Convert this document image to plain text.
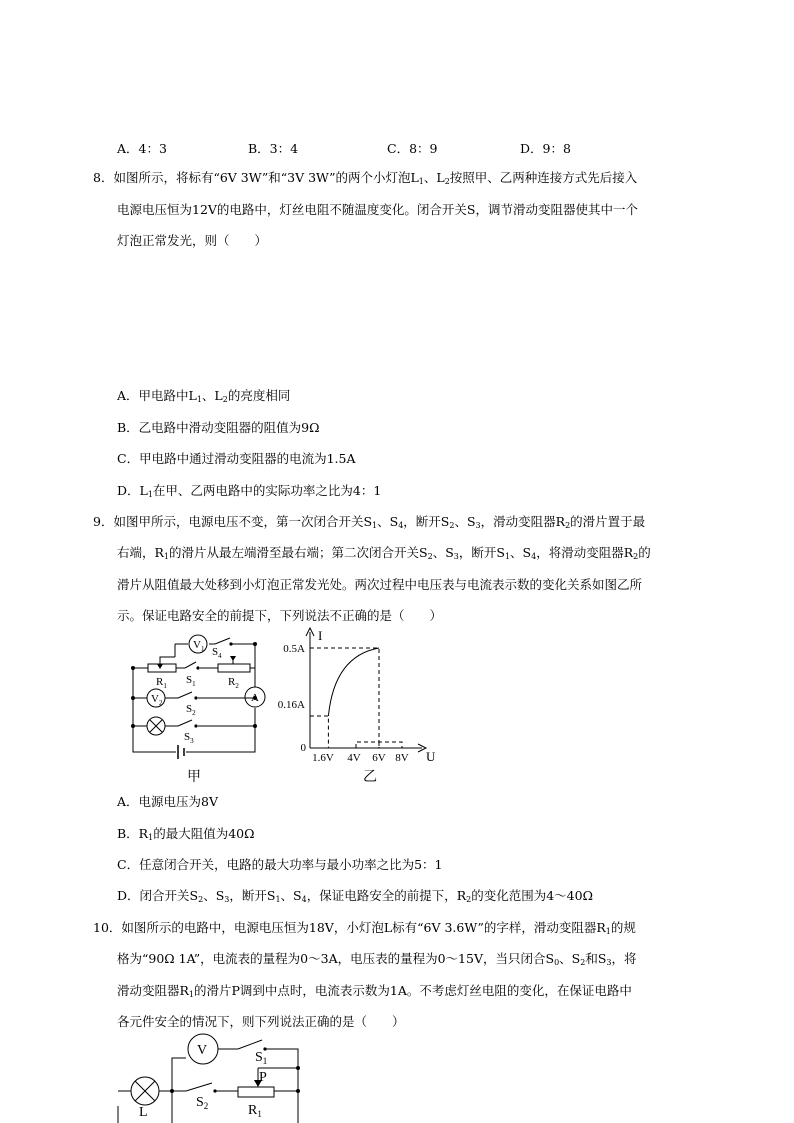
A．4：3	B．3：4	C．8：9	D．9：8
8．如图所示，将标有“6V 3W”和“3V 3W”的两个小灯泡$L_1$、$L_2$按照甲、乙两种连接方式先后接入
电源电压恒为12V的电路中，灯丝电阻不随温度变化。闭合开关S，调节滑动变阻器使其中一个
灯泡正常发光，则（　　）
A．甲电路中$L_1$、$L_2$的亮度相同
B．乙电路中滑动变阻器的阻值为9Ω
C．甲电路中通过滑动变阻器的电流为1.5A
D．$L_1$在甲、乙两电路中的实际功率之比为4：1
9．如图甲所示，电源电压不变，第一次闭合开关$S_1$、$S_4$，断开$S_2$、$S_3$，滑动变阻器$R_2$的滑片置于最
右端，$R_1$的滑片从最左端滑至最右端；第二次闭合开关$S_2$、$S_3$，断开$S_1$、$S_4$，将滑动变阻器$R_2$的
滑片从阻值最大处移到小灯泡正常发光处。两次过程中电压表与电流表示数的变化关系如图乙所
示。保证电路安全的前提下，下列说法不正确的是（　　）
$V_1$ $S_4$
$R_1$ $S_1$	$R_2$
A
$V_2$ $S_2$
$S_3$
甲
I
U
0.5A
0.16A
0
1.6V 4V 6V 8V
乙
A．电源电压为8V
B．$R_1$的最大阻值为40Ω
C．任意闭合开关，电路的最大功率与最小功率之比为5：1
D．闭合开关$S_2$、$S_3$，断开$S_1$、$S_4$，保证电路安全的前提下，$R_2$的变化范围为4～40Ω
10．如图所示的电路中，电源电压恒为18V，小灯泡L标有“6V 3.6W”的字样，滑动变阻器$R_1$的规
格为“90Ω 1A”，电流表的量程为0～3A，电压表的量程为0～15V，当只闭合$S_0$、$S_2$和$S_3$，将
滑动变阻器$R_1$的滑片P调到中点时，电流表示数为1A。不考虑灯丝电阻的变化，在保证电路中
各元件安全的情况下，则下列说法正确的是（　　）
V	$S_1$
P
L
$S_2$	$R_1$
